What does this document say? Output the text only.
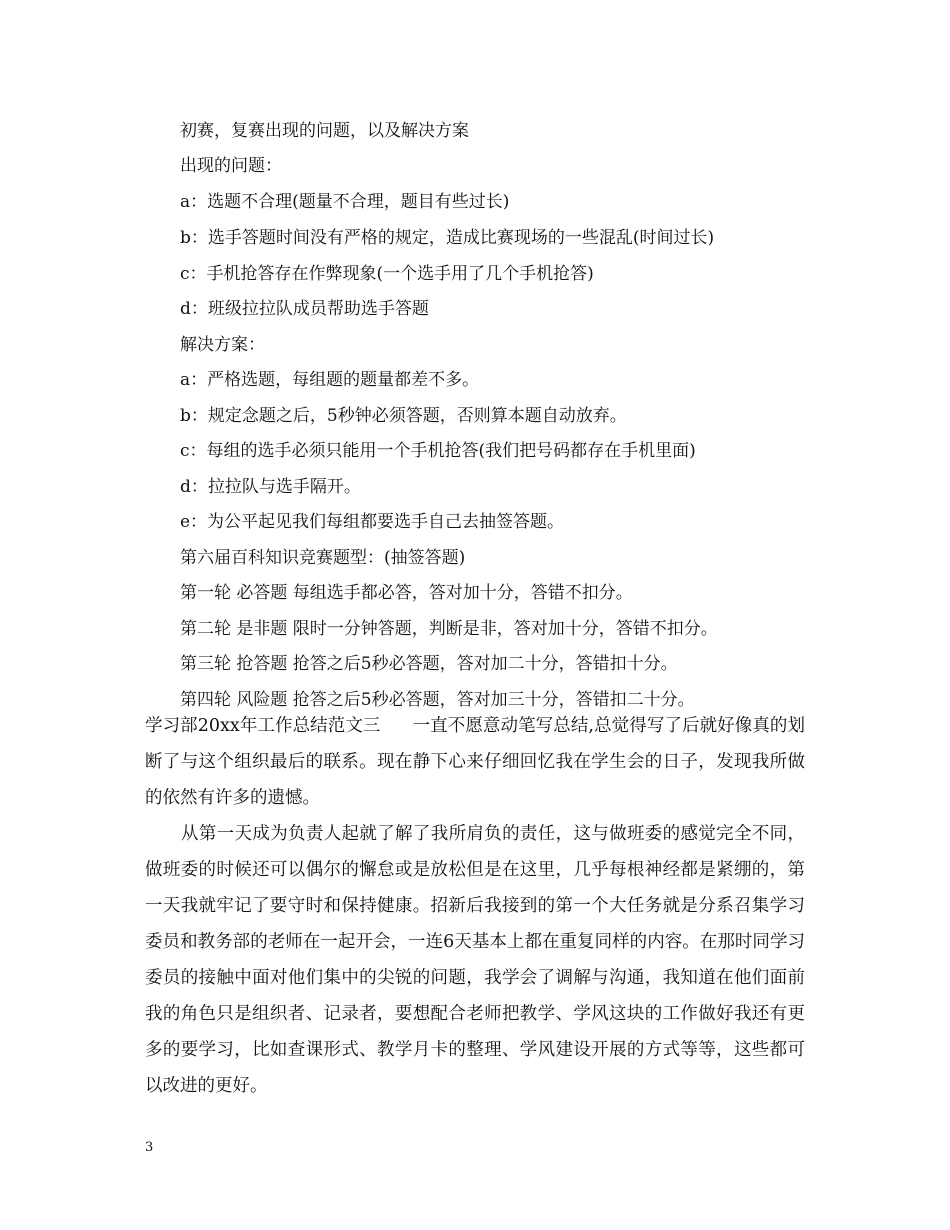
初赛，复赛出现的问题，以及解决方案
出现的问题：
a：选题不合理(题量不合理，题目有些过长)
b：选手答题时间没有严格的规定，造成比赛现场的一些混乱(时间过长)
c：手机抢答存在作弊现象(一个选手用了几个手机抢答)
d：班级拉拉队成员帮助选手答题
解决方案：
a：严格选题，每组题的题量都差不多。
b：规定念题之后，5秒钟必须答题，否则算本题自动放弃。
c：每组的选手必须只能用一个手机抢答(我们把号码都存在手机里面)
d：拉拉队与选手隔开。
e：为公平起见我们每组都要选手自己去抽签答题。
第六届百科知识竞赛题型：(抽签答题)
第一轮 必答题 每组选手都必答，答对加十分，答错不扣分。
第二轮 是非题 限时一分钟答题，判断是非，答对加十分，答错不扣分。
第三轮 抢答题 抢答之后5秒必答题，答对加二十分，答错扣十分。
第四轮 风险题 抢答之后5秒必答题，答对加三十分，答错扣二十分。
学习部20xx年工作总结范文三 一直不愿意动笔写总结,总觉得写了后就好像真的划断了与这个组织最后的联系。现在静下心来仔细回忆我在学生会的日子，发现我所做的依然有许多的遗憾。
从第一天成为负责人起就了解了我所肩负的责任，这与做班委的感觉完全不同，做班委的时候还可以偶尔的懈怠或是放松但是在这里，几乎每根神经都是紧绷的，第一天我就牢记了要守时和保持健康。招新后我接到的第一个大任务就是分系召集学习委员和教务部的老师在一起开会，一连6天基本上都在重复同样的内容。在那时同学习委员的接触中面对他们集中的尖锐的问题，我学会了调解与沟通，我知道在他们面前我的角色只是组织者、记录者，要想配合老师把教学、学风这块的工作做好我还有更多的要学习，比如查课形式、教学月卡的整理、学风建设开展的方式等等，这些都可以改进的更好。
3
